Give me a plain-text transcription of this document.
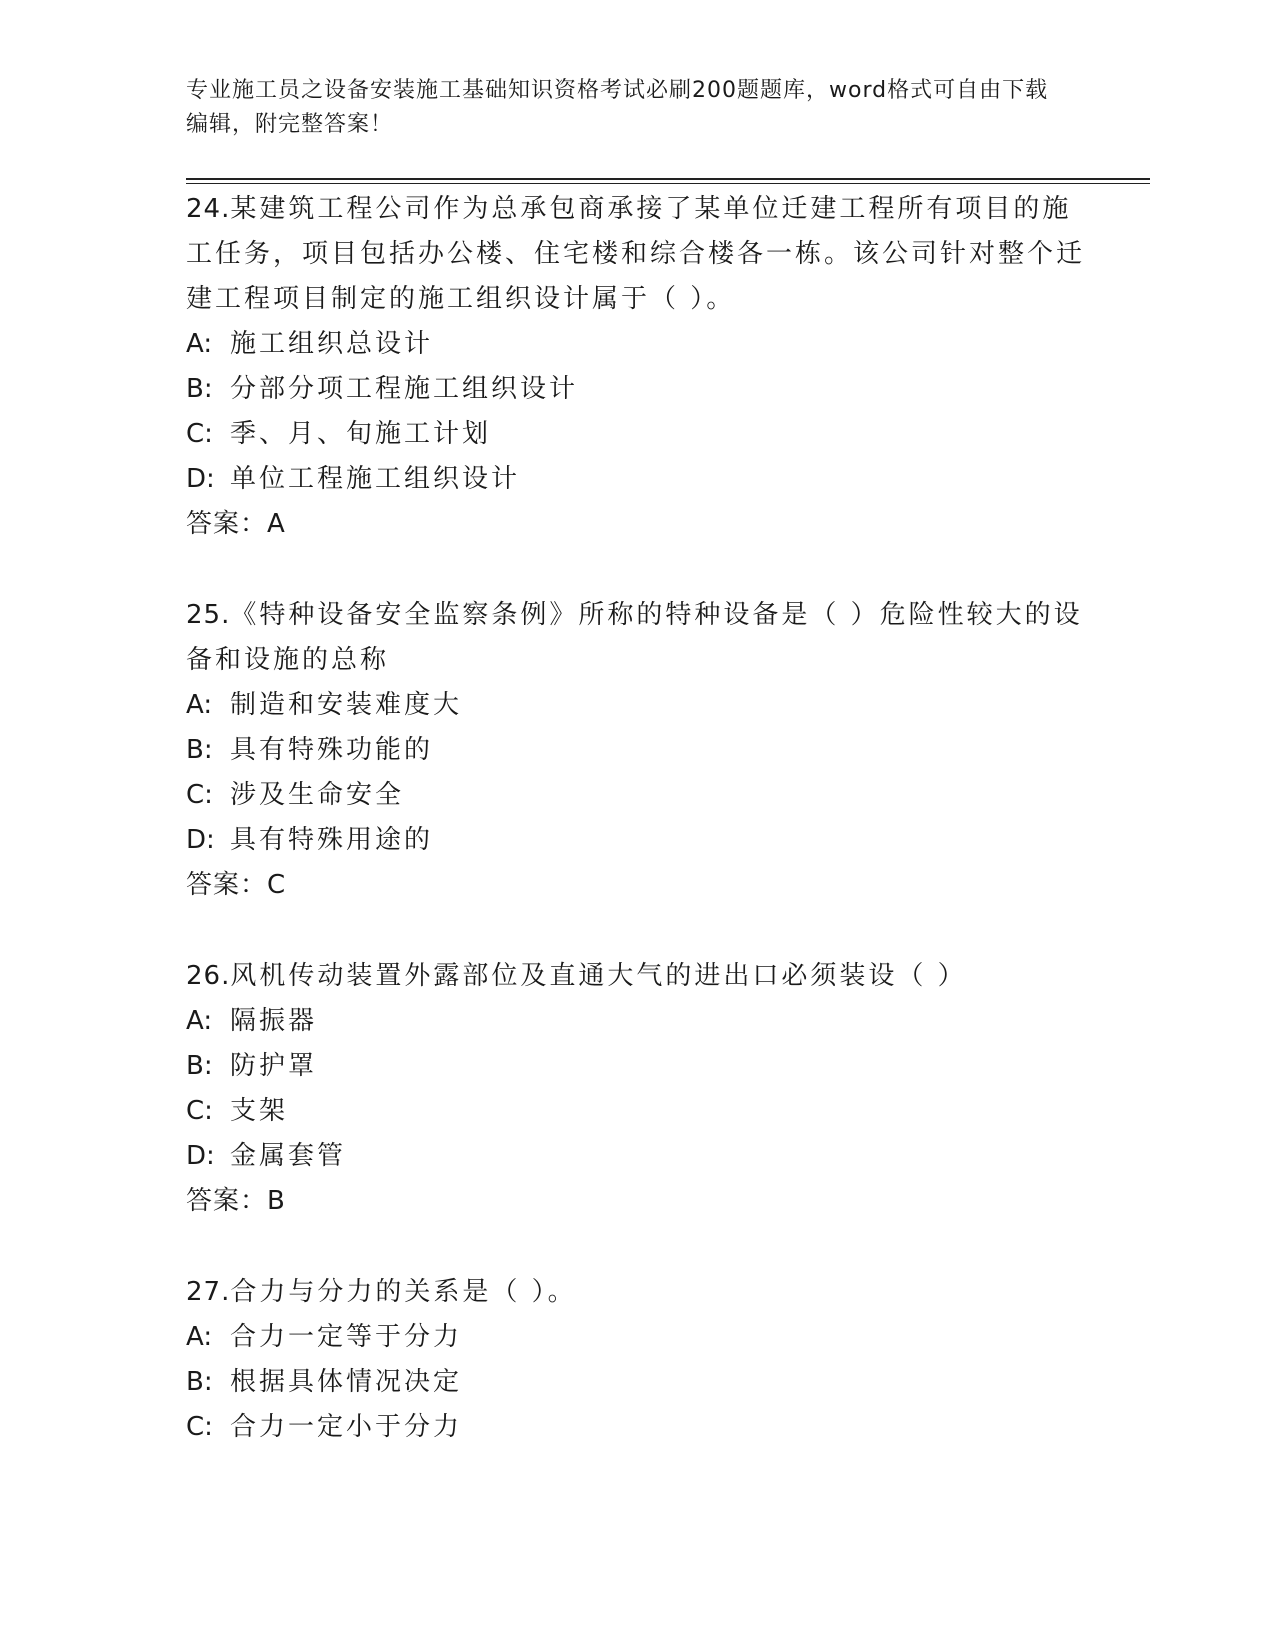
专业施工员之设备安装施工基础知识资格考试必刷200题题库，word格式可自由下载编辑，附完整答案！

24.某建筑工程公司作为总承包商承接了某单位迁建工程所有项目的施工任务，项目包括办公楼、住宅楼和综合楼各一栋。该公司针对整个迁建工程项目制定的施工组织设计属于（ ）。

A: 施工组织总设计

B: 分部分项工程施工组织设计

C: 季、月、旬施工计划

D: 单位工程施工组织设计

答案：A

25.《特种设备安全监察条例》所称的特种设备是（ ）危险性较大的设备和设施的总称

A: 制造和安装难度大

B: 具有特殊功能的

C: 涉及生命安全

D: 具有特殊用途的

答案：C

26.风机传动装置外露部位及直通大气的进出口必须装设（ ）

A: 隔振器

B: 防护罩

C: 支架

D: 金属套管

答案：B

27.合力与分力的关系是（ ）。

A: 合力一定等于分力

B: 根据具体情况决定

C: 合力一定小于分力
